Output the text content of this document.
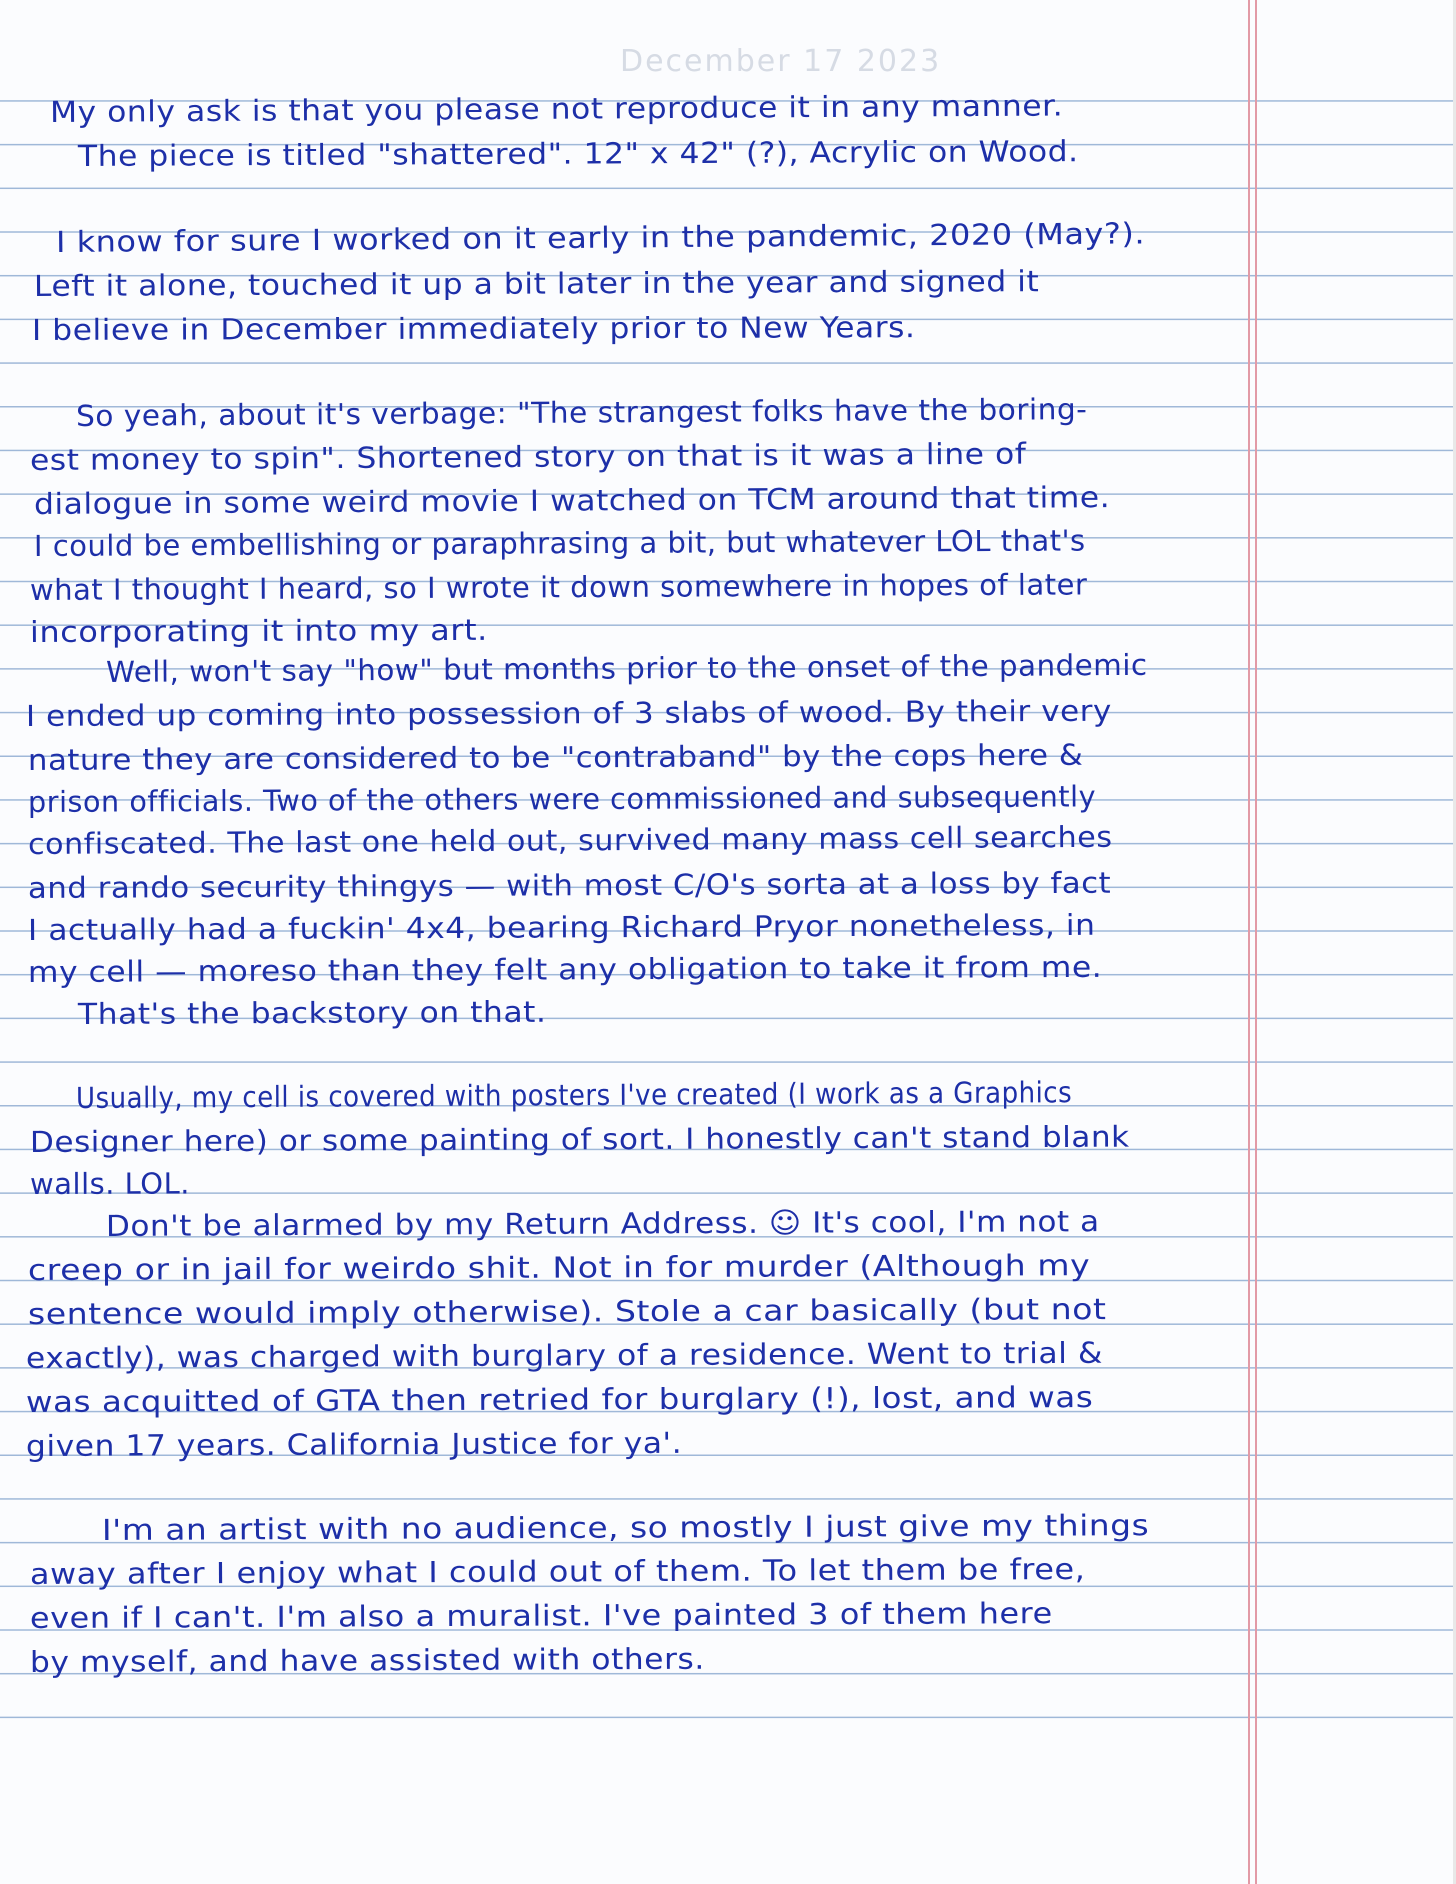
December 17 2023
My only ask is that you please not reproduce it in any manner.
The piece is titled "shattered". 12" x 42" (?), Acrylic on Wood.
I know for sure I worked on it early in the pandemic, 2020 (May?).
Left it alone, touched it up a bit later in the year and signed it
I believe in December immediately prior to New Years.
So yeah, about it's verbage: "The strangest folks have the boring-
est money to spin". Shortened story on that is it was a line of
dialogue in some weird movie I watched on TCM around that time.
I could be embellishing or paraphrasing a bit, but whatever LOL that's
what I thought I heard, so I wrote it down somewhere in hopes of later
incorporating it into my art.
Well, won't say "how" but months prior to the onset of the pandemic
I ended up coming into possession of 3 slabs of wood. By their very
nature they are considered to be "contraband" by the cops here &
prison officials. Two of the others were commissioned and subsequently
confiscated. The last one held out, survived many mass cell searches
and rando security thingys — with most C/O's sorta at a loss by fact
I actually had a fuckin' 4x4, bearing Richard Pryor nonetheless, in
my cell — moreso than they felt any obligation to take it from me.
That's the backstory on that.
Usually, my cell is covered with posters I've created (I work as a Graphics
Designer here) or some painting of sort. I honestly can't stand blank
walls. LOL.
Don't be alarmed by my Return Address. ☺ It's cool, I'm not a
creep or in jail for weirdo shit. Not in for murder (Although my
sentence would imply otherwise). Stole a car basically (but not
exactly), was charged with burglary of a residence. Went to trial &
was acquitted of GTA then retried for burglary (!), lost, and was
given 17 years. California Justice for ya'.
I'm an artist with no audience, so mostly I just give my things
away after I enjoy what I could out of them. To let them be free,
even if I can't. I'm also a muralist. I've painted 3 of them here
by myself, and have assisted with others.
